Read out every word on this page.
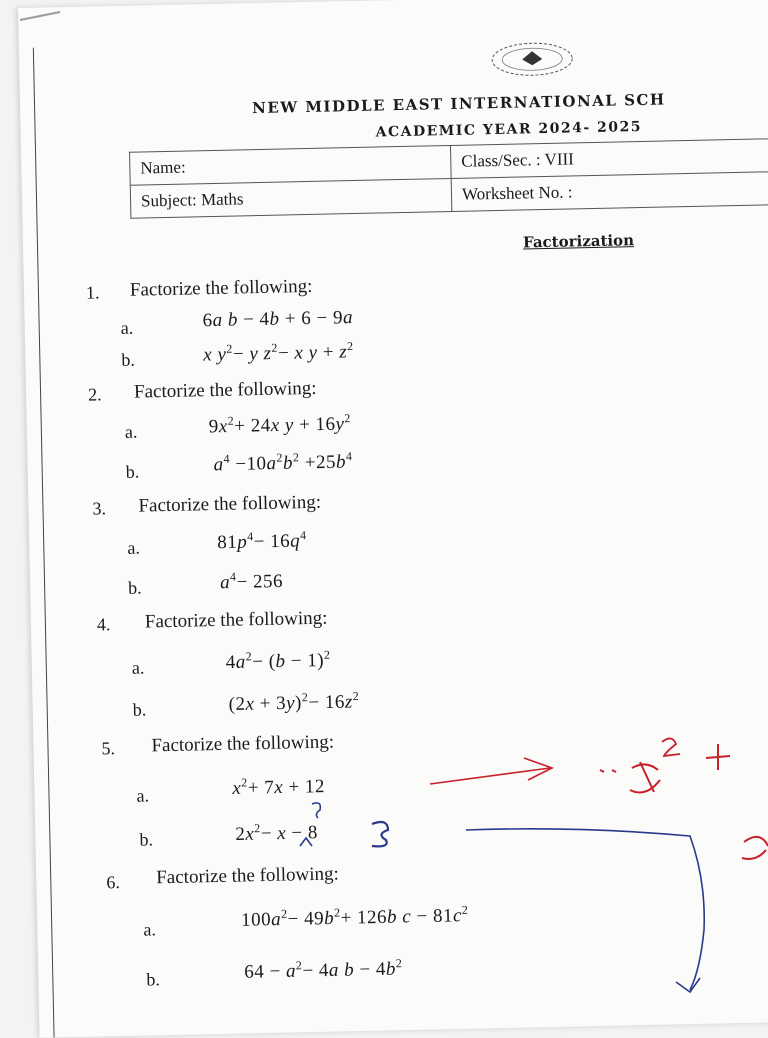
NEW MIDDLE EAST INTERNATIONAL SCH
ACADEMIC YEAR 2024- 2025
Name:	Class/Sec. : VIII
Subject: Maths	Worksheet No. :
Factorization
1. Factorize the following:
a.	6a b − 4b + 6 − 9a
b.	x $y^2- y$ $z^2- x$ $y + z^2$
2. Factorize the following:
a.	$9x^2+ 24x$ $y + 16y^2$
b.	$a^4 -10a^2b^2 +25b^4$
3. Factorize the following:
a.	$81p^4- 16q^4$
b.	$a^4- 256$
4. Factorize the following:
a.	$4a^2- (b - 1)^2$
b.	$(2x + 3y)^2- 16z^2$
5. Factorize the following:
a.	$x^2+ 7x + 12$
b.	$2x^2- x - 8$
6. Factorize the following:
a.	$100a^2- 49b^2+ 126b$ $c - 81c^2$
b.	$64 - a^2- 4a$ $b - 4b^2$
